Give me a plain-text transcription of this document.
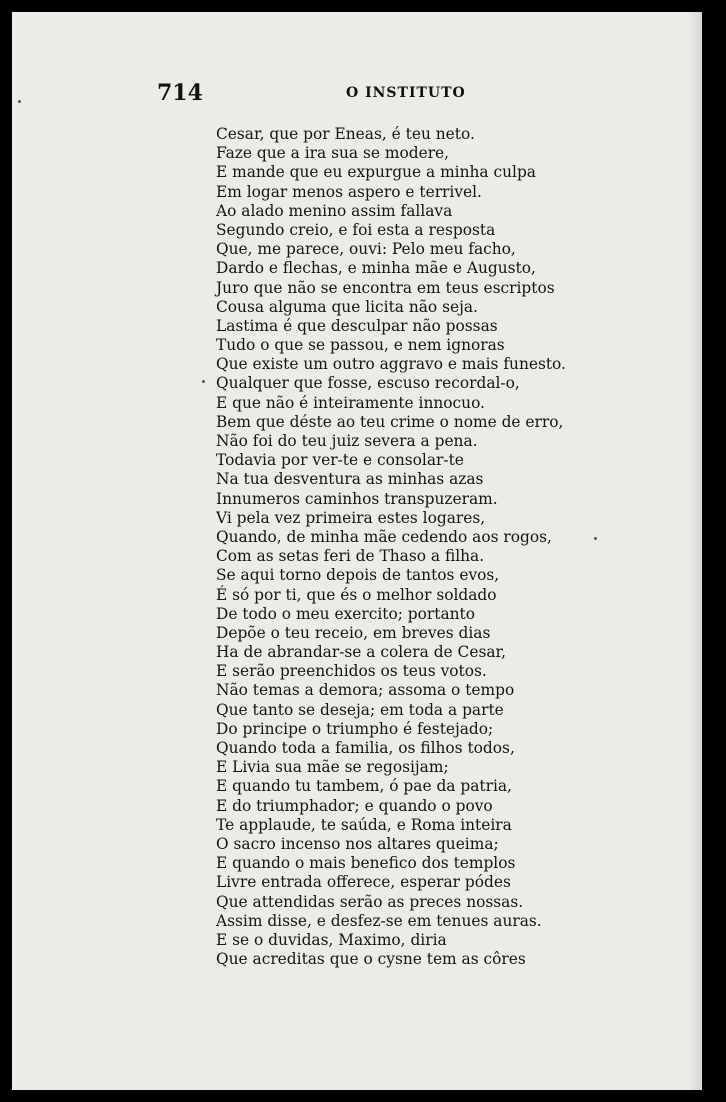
714	O INSTITUTO
Cesar, que por Eneas, é teu neto.
Faze que a ira sua se modere,
E mande que eu expurgue a minha culpa
Em logar menos aspero e terrivel.
Ao alado menino assim fallava
Segundo creio, e foi esta a resposta
Que, me parece, ouvi: Pelo meu facho,
Dardo e flechas, e minha mãe e Augusto,
Juro que não se encontra em teus escriptos
Cousa alguma que licita não seja.
Lastima é que desculpar não possas
Tudo o que se passou, e nem ignoras
Que existe um outro aggravo e mais funesto.
Qualquer que fosse, escuso recordal-o,
E que não é inteiramente innocuo.
Bem que déste ao teu crime o nome de erro,
Não foi do teu juiz severa a pena.
Todavia por ver-te e consolar-te
Na tua desventura as minhas azas
Innumeros caminhos transpuzeram.
Vi pela vez primeira estes logares,
Quando, de minha mãe cedendo aos rogos,
Com as setas feri de Thaso a filha.
Se aqui torno depois de tantos evos,
É só por ti, que és o melhor soldado
De todo o meu exercito; portanto
Depõe o teu receio, em breves dias
Ha de abrandar-se a colera de Cesar,
E serão preenchidos os teus votos.
Não temas a demora; assoma o tempo
Que tanto se deseja; em toda a parte
Do principe o triumpho é festejado;
Quando toda a familia, os filhos todos,
E Livia sua mãe se regosijam;
E quando tu tambem, ó pae da patria,
E do triumphador; e quando o povo
Te applaude, te saúda, e Roma inteira
O sacro incenso nos altares queima;
E quando o mais benefico dos templos
Livre entrada offerece, esperar pódes
Que attendidas serão as preces nossas.
Assim disse, e desfez-se em tenues auras.
E se o duvidas, Maximo, diria
Que acreditas que o cysne tem as côres
